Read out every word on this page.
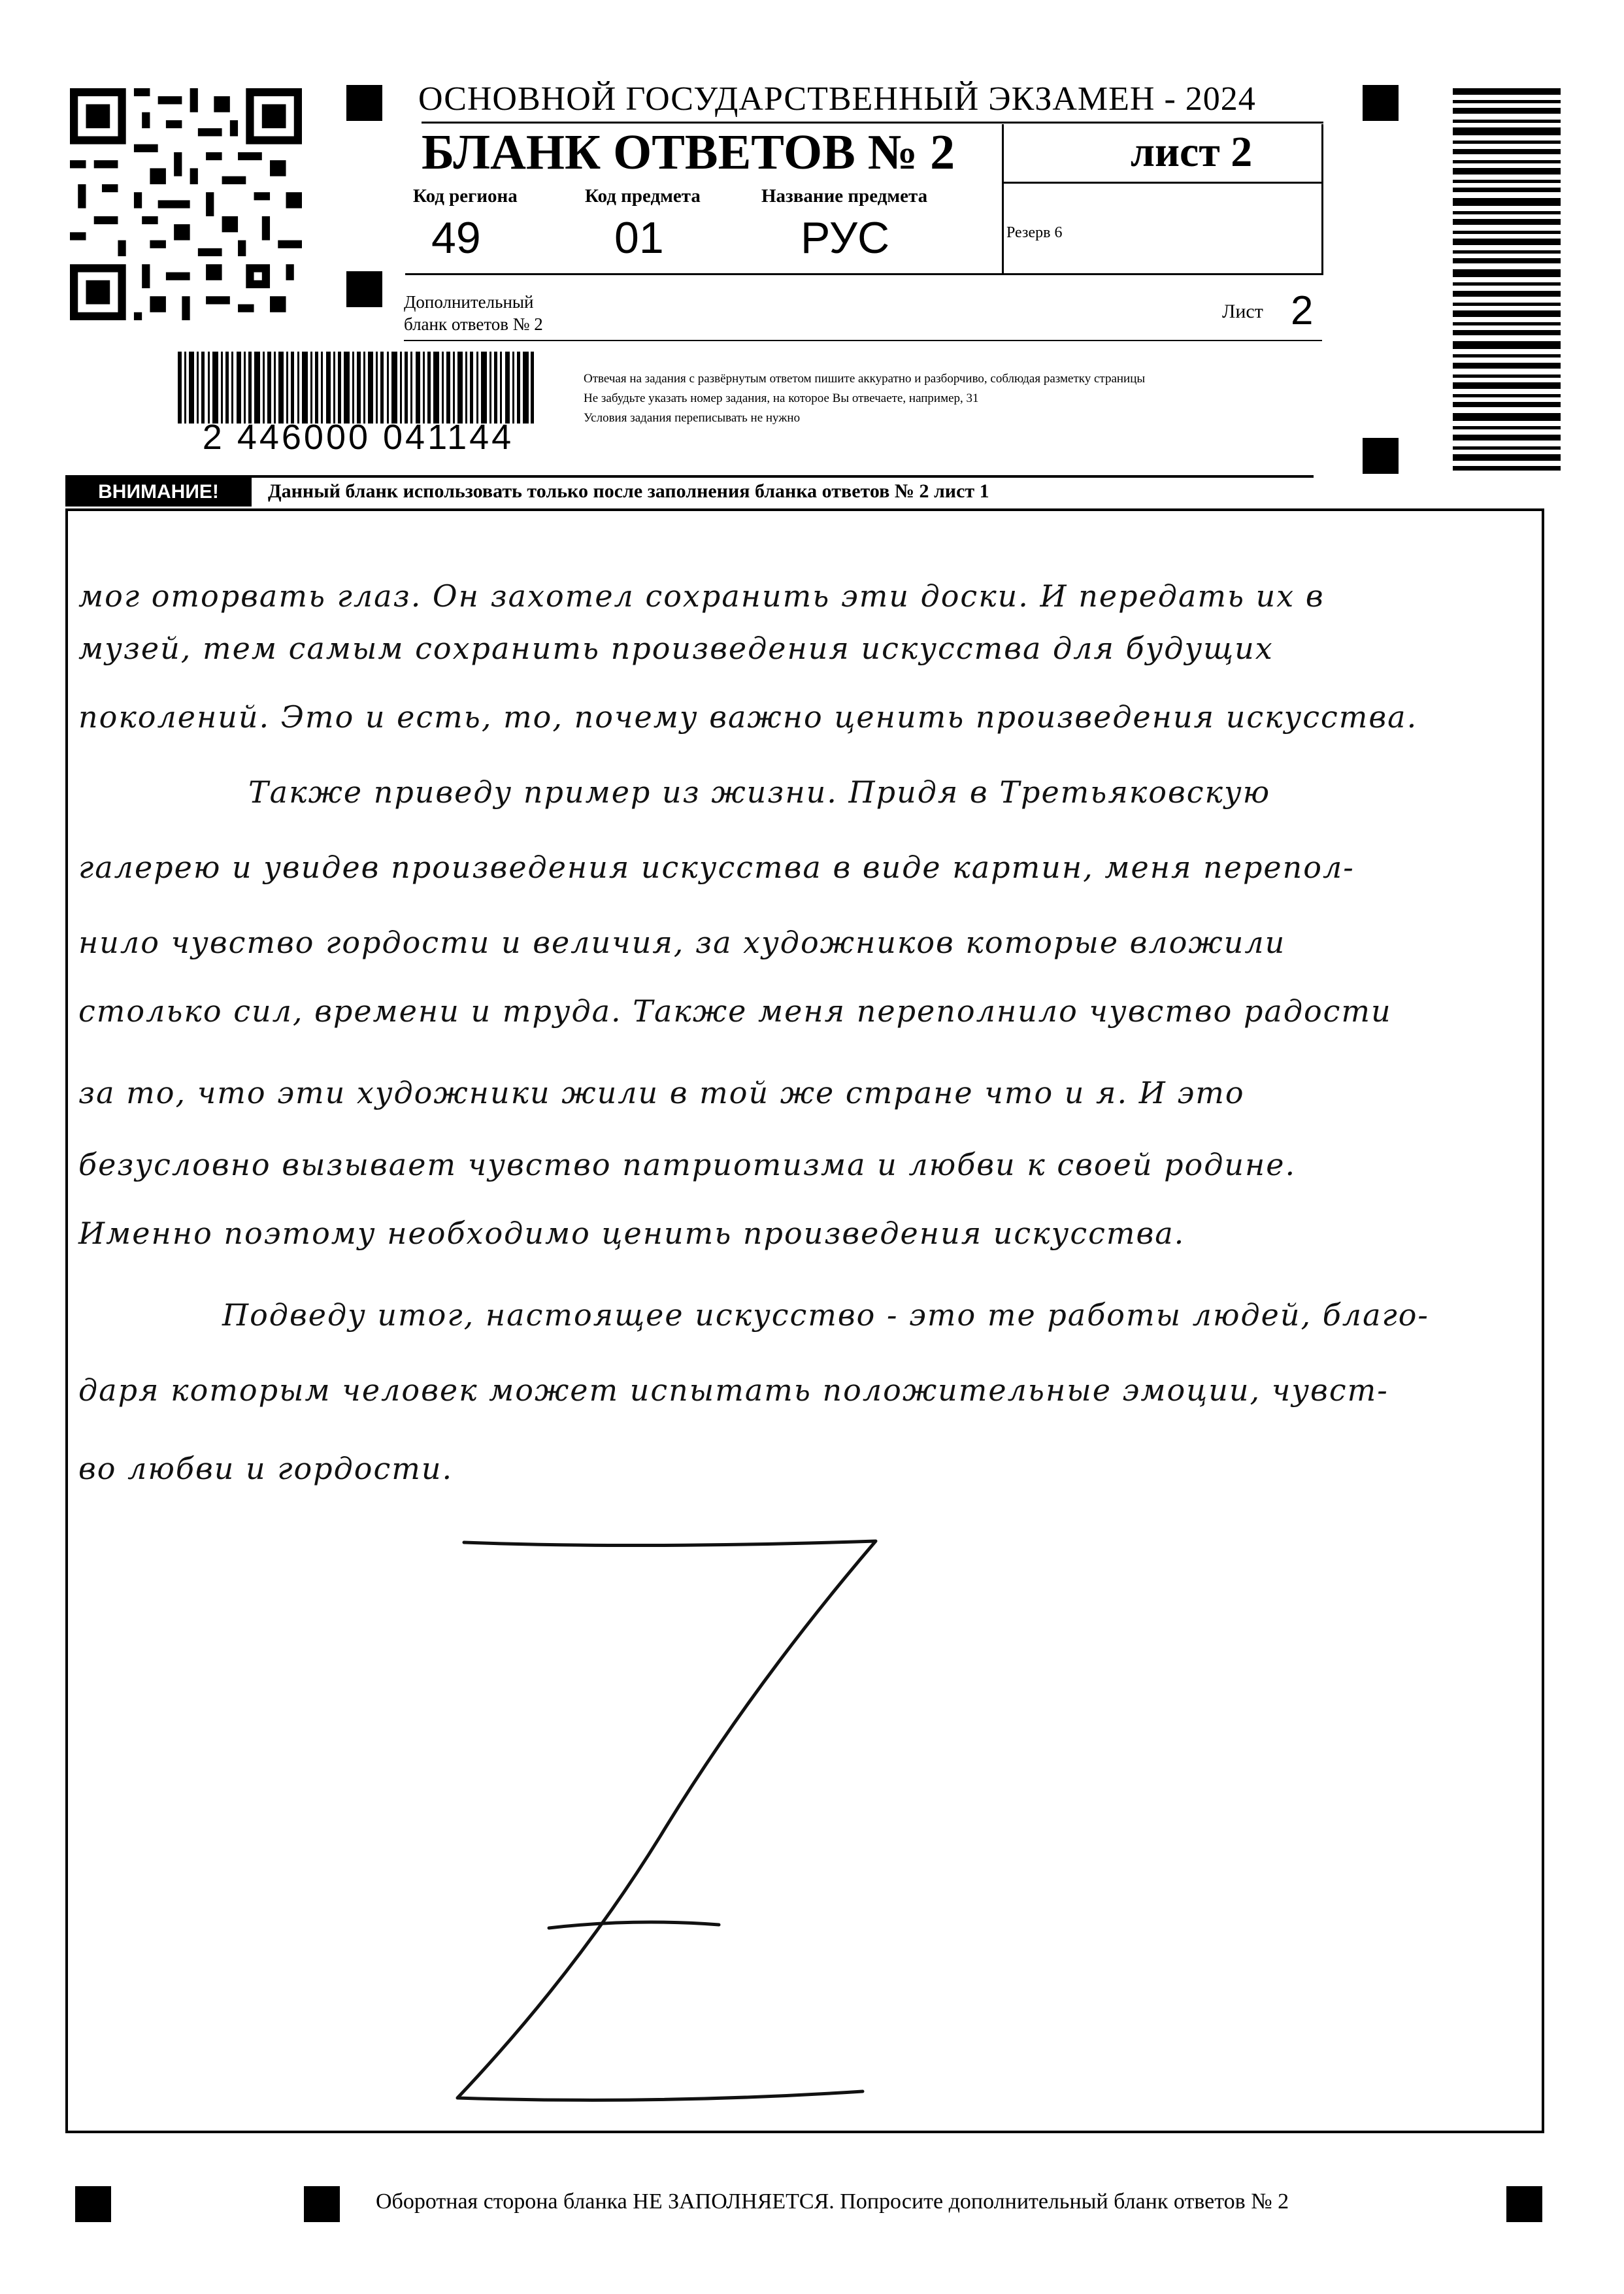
2 446000 041144
ОСНОВНОЙ ГОСУДАРСТВЕННЫЙ ЭКЗАМЕН - 2024
БЛАНК ОТВЕТОВ № 2	лист 2
Код региона
49
Код предмета
01
Название предмета
РУС	Резерв 6
Дополнительный
бланк ответов № 2
Лист 2
Отвечая на задания с развёрнутым ответом пишите аккуратно и разборчиво, соблюдая разметку страницы
Не забудьте указать номер задания, на которое Вы отвечаете, например, 31
Условия задания переписывать не нужно
ВНИМАНИЕ!	Данный бланк использовать только после заполнения бланка ответов № 2 лист 1
мог оторвать глаз. Он захотел сохранить эти доски. И передать их в
музей, тем самым сохранить произведения искусства для будущих
поколений. Это и есть, то, почему важно ценить произведения искусства.
Также приведу пример из жизни. Придя в Третьяковскую
галерею и увидев произведения искусства в виде картин, меня перепол-
нило чувство гордости и величия, за художников которые вложили
столько сил, времени и труда. Также меня переполнило чувство радости
за то, что эти художники жили в той же стране что и я. И это
безусловно вызывает чувство патриотизма и любви к своей родине.
Именно поэтому необходимо ценить произведения искусства.
Подведу итог, настоящее искусство - это те работы людей, благо-
даря которым человек может испытать положительные эмоции, чувст-
во любви и гордости.
Оборотная сторона бланка НЕ ЗАПОЛНЯЕТСЯ. Попросите дополнительный бланк ответов № 2
